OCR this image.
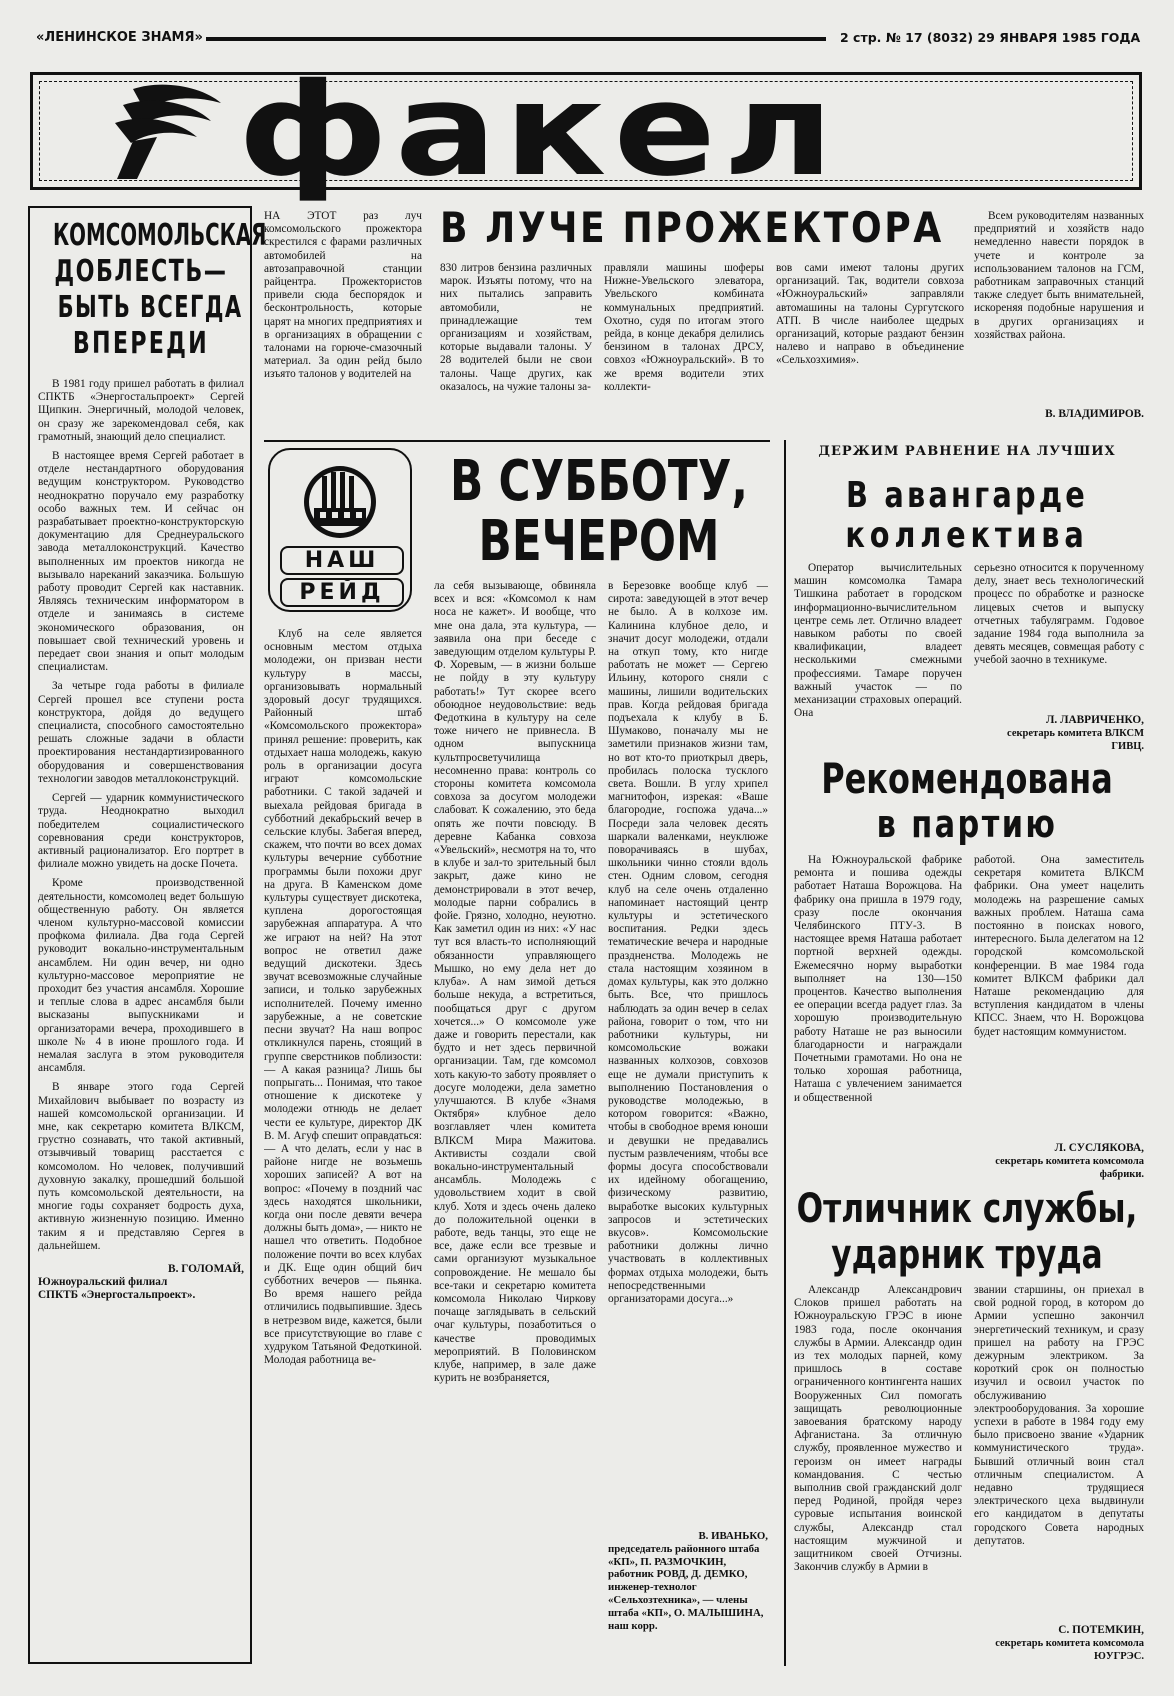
«ЛЕНИНСКОЕ ЗНАМЯ»	2 стр. № 17 (8032) 29 ЯНВАРЯ 1985 ГОДА
факел
КОМСОМОЛЬСКАЯ ДОБЛЕСТЬ— БЫТЬ ВСЕГДА ВПЕРЕДИ

В 1981 году пришел работать в филиал СПКТБ «Энергостальпроект» Сергей Щипкин. Энергичный, молодой человек, он сразу же зарекомендовал себя, как грамотный, знающий дело специалист.

В настоящее время Сергей работает в отделе нестандартного оборудования ведущим конструктором. Руководство неоднократно поручало ему разработку особо важных тем. И сейчас он разрабатывает проектно-конструкторскую документацию для Среднеуральского завода металлоконструкций. Качество выполненных им проектов никогда не вызывало нареканий заказчика. Большую работу проводит Сергей как наставник. Являясь техническим информатором в отделе и занимаясь в системе экономического образования, он повышает свой технический уровень и передает свои знания и опыт молодым специалистам.

За четыре года работы в филиале Сергей прошел все ступени роста конструктора, дойдя до ведущего специалиста, способного самостоятельно решать сложные задачи в области проектирования нестандартизированного оборудования и совершенствования технологии заводов металлоконструкций.

Сергей — ударник коммунистического труда. Неоднократно выходил победителем социалистического соревнования среди конструкторов, активный рационализатор. Его портрет в филиале можно увидеть на доске Почета.

Кроме производственной деятельности, комсомолец ведет большую общественную работу. Он является членом культурно-массовой комиссии профкома филиала. Два года Сергей руководит вокально-инструментальным ансамблем. Ни один вечер, ни одно культурно-массовое мероприятие не проходит без участия ансамбля. Хорошие и теплые слова в адрес ансамбля были высказаны выпускниками и организаторами вечера, проходившего в школе № 4 в июне прошлого года. И немалая заслуга в этом руководителя ансамбля.

В январе этого года Сергей Михайлович выбывает по возрасту из нашей комсомольской организации. И мне, как секретарю комитета ВЛКСМ, грустно сознавать, что такой активный, отзывчивый товарищ расстается с комсомолом. Но человек, получивший духовную закалку, прошедший большой путь комсомольской деятельности, на многие годы сохраняет бодрость духа, активную жизненную позицию. Именно таким я и представляю Сергея в дальнейшем.

В. ГОЛОМАЙ,
Южноуральский филиал
СПКТБ «Энергостальпроект».

НА ЭТОТ раз луч комсомольского прожектора скрестился с фарами различных автомобилей на автозаправочной станции райцентра. Прожектористов привели сюда беспорядок и бесконтрольность, которые царят на многих предприятиях и в организациях в обращении с талонами на горюче-смазочный материал. За один рейд было изъято талонов у водителей на

В ЛУЧЕ ПРОЖЕКТОРА

830 литров бензина различных марок. Изъяты потому, что на них пытались заправить автомобили, не принадлежащие тем организациям и хозяйствам, которые выдавали талоны. У 28 водителей были не свои талоны. Чаще других, как оказалось, на чужие талоны за-

правляли машины шоферы Нижне-Увельского элеватора, Увельского комбината коммунальных предприятий. Охотно, судя по итогам этого рейда, в конце декабря делились бензином в талонах ДРСУ, совхоз «Южноуральский». В то же время водители этих коллекти-

вов сами имеют талоны других организаций. Так, водители совхоза «Южноуральский» заправляли автомашины на талоны Сургутского АТП. В числе наиболее щедрых организаций, которые раздают бензин налево и направо в объединение «Сельхозхимия».

Всем руководителям названных предприятий и хозяйств надо немедленно навести порядок в учете и контроле за использованием талонов на ГСМ, работникам заправочных станций также следует быть внимательней, искореняя подобные нарушения и в других организациях и хозяйствах района.

В. ВЛАДИМИРОВ.
НАШ
РЕЙД
В СУББОТУ,
ВЕЧЕРОМ

Клуб на селе является основным местом отдыха молодежи, он призван нести культуру в массы, организовывать нормальный здоровый досуг трудящихся. Районный штаб «Комсомольского прожектора» принял решение: проверить, как отдыхает наша молодежь, какую роль в организации досуга играют комсомольские работники. С такой задачей и выехала рейдовая бригада в субботний декабрьский вечер в сельские клубы. Забегая вперед, скажем, что почти во всех домах культуры вечерние субботние программы были похожи друг на друга. В Каменском доме культуры существует дискотека, куплена дорогостоящая зарубежная аппаратура. А что же играют на ней? На этот вопрос не ответил даже ведущий дискотеки. Здесь звучат всевозможные случайные записи, и только зарубежных исполнителей. Почему именно зарубежные, а не советские песни звучат? На наш вопрос откликнулся парень, стоящий в группе сверстников поблизости: — А какая разница? Лишь бы попрыгать... Понимая, что такое отношение к дискотеке у молодежи отнюдь не делает чести ее культуре, директор ДК В. М. Агуф спешит оправдаться: — А что делать, если у нас в районе нигде не возьмешь хороших записей? А вот на вопрос: «Почему в поздний час здесь находятся школьники, когда они после девяти вечера должны быть дома», — никто не нашел что ответить. Подобное положение почти во всех клубах и ДК. Еще один общий бич субботних вечеров — пьянка. Во время нашего рейда отличились подвыпившие. Здесь в нетрезвом виде, кажется, были все присутствующие во главе с худруком Татьяной Федоткиной. Молодая работница ве-

ла себя вызывающе, обвиняла всех и вся: «Комсомол к нам носа не кажет». И вообще, что мне она дала, эта культура, — заявила она при беседе с заведующим отделом культуры Р. Ф. Хоревым, — в жизни больше не пойду в эту культуру работать!» Тут скорее всего обоюдное неудовольствие: ведь Федоткина в культуру на селе тоже ничего не привнесла. В одном выпускница культпросветучилища несомненно права: контроль со стороны комитета комсомола совхоза за досугом молодежи слабоват. К сожалению, это беда опять же почти повсюду. В деревне Кабанка совхоза «Увельский», несмотря на то, что в клубе и зал-то зрительный был закрыт, даже кино не демонстрировали в этот вечер, молодые парни собрались в фойе. Грязно, холодно, неуютно. Как заметил один из них: «У нас тут вся власть-то исполняющий обязанности управляющего Мышко, но ему дела нет до клуба». А нам зимой деться больше некуда, а встретиться, пообщаться друг с другом хочется...» О комсомоле уже даже и говорить перестали, как будто и нет здесь первичной организации. Там, где комсомол хоть какую-то заботу проявляет о досуге молодежи, дела заметно улучшаются. В клубе «Знамя Октября» клубное дело возглавляет член комитета ВЛКСМ Мира Мажитова. Активисты создали свой вокально-инструментальный ансамбль. Молодежь с удовольствием ходит в свой клуб. Хотя и здесь очень далеко до положительной оценки в работе, ведь танцы, это еще не все, даже если все трезвые и сами организуют музыкальное сопровождение. Не мешало бы все-таки и секретарю комитета комсомола Николаю Чиркову почаще заглядывать в сельский очаг культуры, позаботиться о качестве проводимых мероприятий. В Половинском клубе, например, в зале даже курить не возбраняется,

в Березовке вообще клуб — сирота: заведующей в этот вечер не было. А в колхозе им. Калинина клубное дело, и значит досуг молодежи, отдали на откуп тому, кто нигде работать не может — Сергею Ильину, которого сняли с машины, лишили водительских прав. Когда рейдовая бригада подъехала к клубу в Б. Шумаково, поначалу мы не заметили признаков жизни там, но вот кто-то приоткрыл дверь, пробилась полоска тусклого света. Вошли. В углу хрипел магнитофон, изрекая: «Ваше благородие, госпожа удача...» Посреди зала человек десять шаркали валенками, неуклюже поворачиваясь в шубах, школьники чинно стояли вдоль стен. Одним словом, сегодня клуб на селе очень отдаленно напоминает настоящий центр культуры и эстетического воспитания. Редки здесь тематические вечера и народные праздненства. Молодежь не стала настоящим хозяином в домах культуры, как это должно быть. Все, что пришлось наблюдать за один вечер в селах района, говорит о том, что ни работники культуры, ни комсомольские вожаки названных колхозов, совхозов еще не думали приступить к выполнению Постановления о руководстве молодежью, в котором говорится: «Важно, чтобы в свободное время юноши и девушки не предавались пустым развлечениям, чтобы все формы досуга способствовали их идейному обогащению, физическому развитию, выработке высоких культурных запросов и эстетических вкусов». Комсомольские работники должны лично участвовать в коллективных формах отдыха молодежи, быть непосредственными организаторами досуга...»

В. ИВАНЬКО,
председатель районного штаба «КП», П. РАЗМОЧКИН, работник РОВД, Д. ДЕМКО, инженер-технолог «Сельхозтехника», — члены штаба «КП», О. МАЛЫШИНА, наш корр.
ДЕРЖИМ РАВНЕНИЕ НА ЛУЧШИХ
В авангарде
коллектива

Оператор вычислительных машин комсомолка Тамара Тишкина работает в городском информационно-вычислительном центре семь лет. Отлично владеет навыком работы по своей квалификации, владеет несколькими смежными профессиями. Тамаре поручен важный участок — по механизации страховых операций. Она

серьезно относится к порученному делу, знает весь технологический процесс по обработке и разноске лицевых счетов и выпуску отчетных табуляграмм. Годовое задание 1984 года выполнила за девять месяцев, совмещая работу с учебой заочно в техникуме.

Л. ЛАВРИЧЕНКО,
секретарь комитета ВЛКСМ ГИВЦ.
Рекомендована
в партию

На Южноуральской фабрике ремонта и пошива одежды работает Наташа Ворожцова. На фабрику она пришла в 1979 году, сразу после окончания Челябинского ПТУ-3. В настоящее время Наташа работает портной верхней одежды. Ежемесячно норму выработки выполняет на 130—150 процентов. Качество выполнения ее операции всегда радует глаз. За хорошую производительную работу Наташе не раз выносили благодарности и награждали Почетными грамотами. Но она не только хорошая работница, Наташа с увлечением занимается и общественной

работой. Она заместитель секретаря комитета ВЛКСМ фабрики. Она умеет нацелить молодежь на разрешение самых важных проблем. Наташа сама постоянно в поисках нового, интересного. Была делегатом на 12 городской комсомольской конференции. В мае 1984 года комитет ВЛКСМ фабрики дал Наташе рекомендацию для вступления кандидатом в члены КПСС. Знаем, что Н. Ворожцова будет настоящим коммунистом.

Л. СУСЛЯКОВА,
секретарь комитета комсомола фабрики.
Отличник службы,
ударник труда

Александр Александрович Слоков пришел работать на Южноуральскую ГРЭС в июне 1983 года, после окончания службы в Армии. Александр один из тех молодых парней, кому пришлось в составе ограниченного контингента наших Вооруженных Сил помогать защищать революционные завоевания братскому народу Афганистана. За отличную службу, проявленное мужество и героизм он имеет награды командования. С честью выполнив свой гражданский долг перед Родиной, пройдя через суровые испытания воинской службы, Александр стал настоящим мужчиной и защитником своей Отчизны. Закончив службу в Армии в

звании старшины, он приехал в свой родной город, в котором до Армии успешно закончил энергетический техникум, и сразу пришел на работу на ГРЭС дежурным электриком. За короткий срок он полностью изучил и освоил участок по обслуживанию электрооборудования. За хорошие успехи в работе в 1984 году ему было присвоено звание «Ударник коммунистического труда». Бывший отличный воин стал отличным специалистом. А недавно трудящиеся электрического цеха выдвинули его кандидатом в депутаты городского Совета народных депутатов.

С. ПОТЕМКИН,
секретарь комитета комсомола ЮУГРЭС.
